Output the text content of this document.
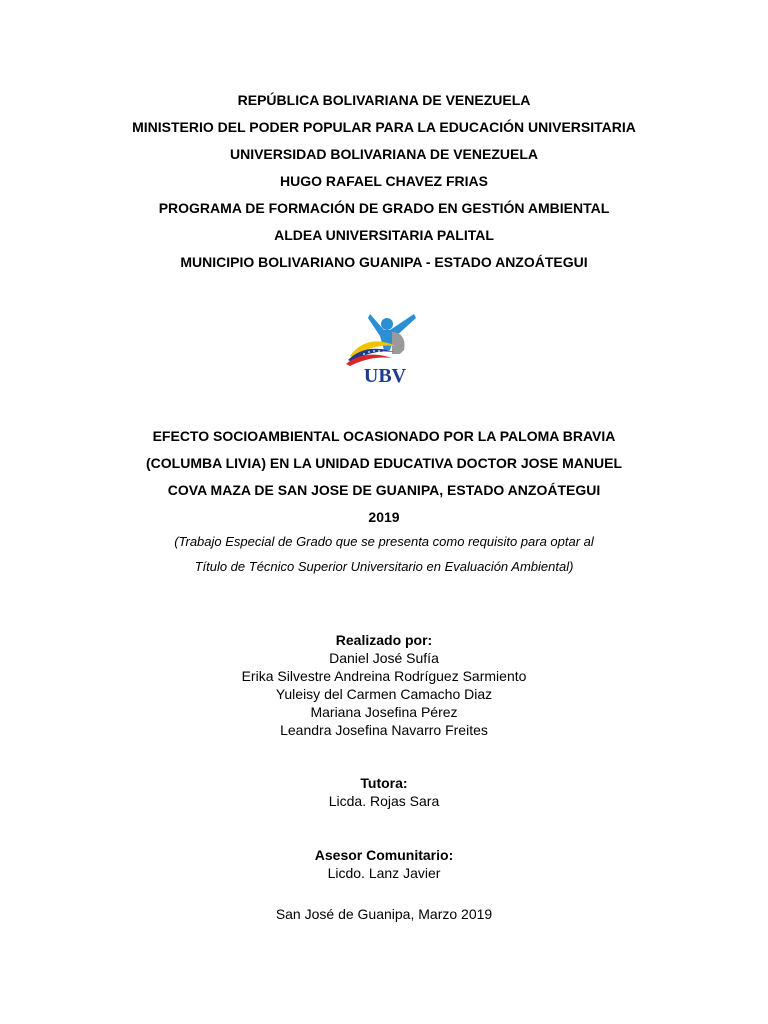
REPÚBLICA BOLIVARIANA DE VENEZUELA
MINISTERIO DEL PODER POPULAR PARA LA EDUCACIÓN UNIVERSITARIA
UNIVERSIDAD BOLIVARIANA DE VENEZUELA
HUGO RAFAEL CHAVEZ FRIAS
PROGRAMA DE FORMACIÓN DE GRADO EN GESTIÓN AMBIENTAL
ALDEA UNIVERSITARIA PALITAL
MUNICIPIO BOLIVARIANO GUANIPA - ESTADO ANZOÁTEGUI
UBV
EFECTO SOCIOAMBIENTAL OCASIONADO POR LA PALOMA BRAVIA
(COLUMBA LIVIA) EN LA UNIDAD EDUCATIVA DOCTOR JOSE MANUEL
COVA MAZA DE SAN JOSE DE GUANIPA, ESTADO ANZOÁTEGUI
2019
(Trabajo Especial de Grado que se presenta como requisito para optar al
Título de Técnico Superior Universitario en Evaluación Ambiental)
Realizado por:
Daniel José Sufía
Erika Silvestre Andreina Rodríguez Sarmiento
Yuleisy del Carmen Camacho Diaz
Mariana Josefina Pérez
Leandra Josefina Navarro Freites
Tutora:
Licda. Rojas Sara
Asesor Comunitario:
Licdo. Lanz Javier
San José de Guanipa, Marzo 2019
